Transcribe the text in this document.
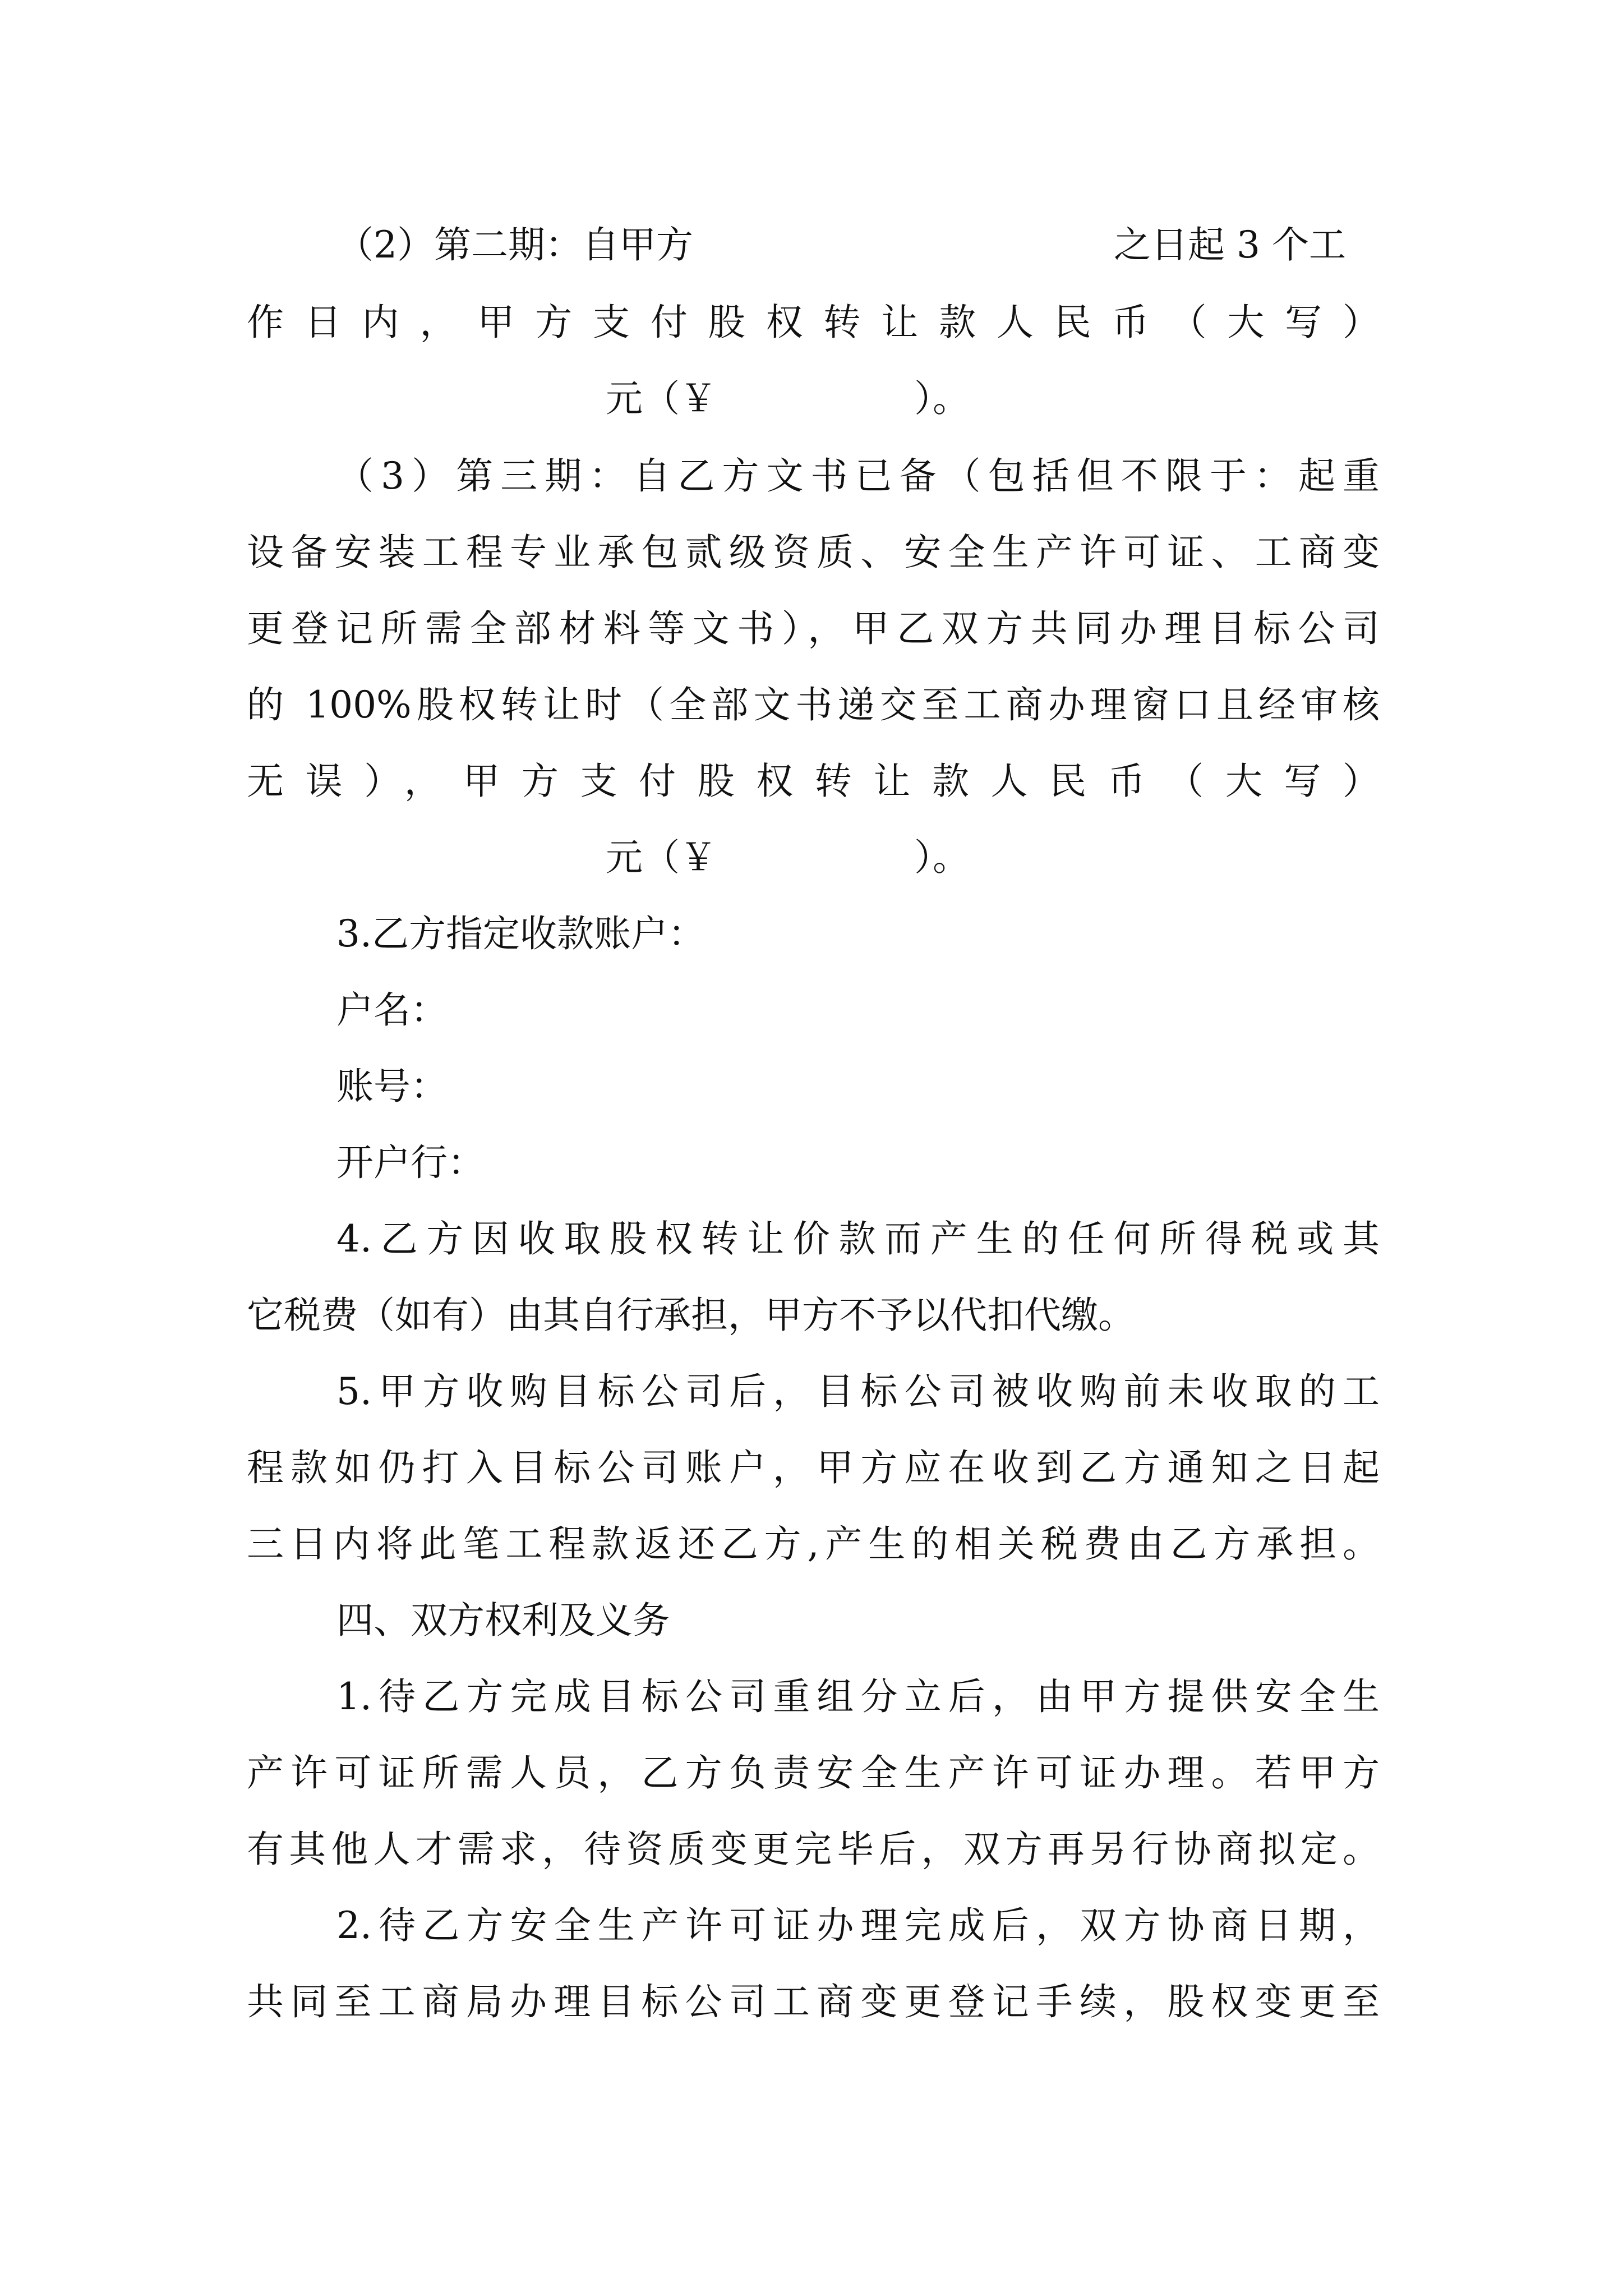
（2）第二期：自甲方	之日起 3 个工
作日内，甲方支付股权转让款人民币（大写）
元（￥	）。
（3）第三期：自乙方文书已备（包括但不限于：起重
设备安装工程专业承包贰级资质、安全生产许可证、工商变
更登记所需全部材料等文书），甲乙双方共同办理目标公司
的 100%股权转让时（全部文书递交至工商办理窗口且经审核
无误），甲方支付股权转让款人民币（大写）
元（￥	）。
3.乙方指定收款账户：
户名：
账号：
开户行：
4.乙方因收取股权转让价款而产生的任何所得税或其
它税费（如有）由其自行承担，甲方不予以代扣代缴。
5.甲方收购目标公司后，目标公司被收购前未收取的工
程款如仍打入目标公司账户，甲方应在收到乙方通知之日起
三日内将此笔工程款返还乙方,产生的相关税费由乙方承担。
四、双方权利及义务
1.待乙方完成目标公司重组分立后，由甲方提供安全生
产许可证所需人员，乙方负责安全生产许可证办理。若甲方
有其他人才需求，待资质变更完毕后，双方再另行协商拟定。
2.待乙方安全生产许可证办理完成后，双方协商日期，
共同至工商局办理目标公司工商变更登记手续，股权变更至
